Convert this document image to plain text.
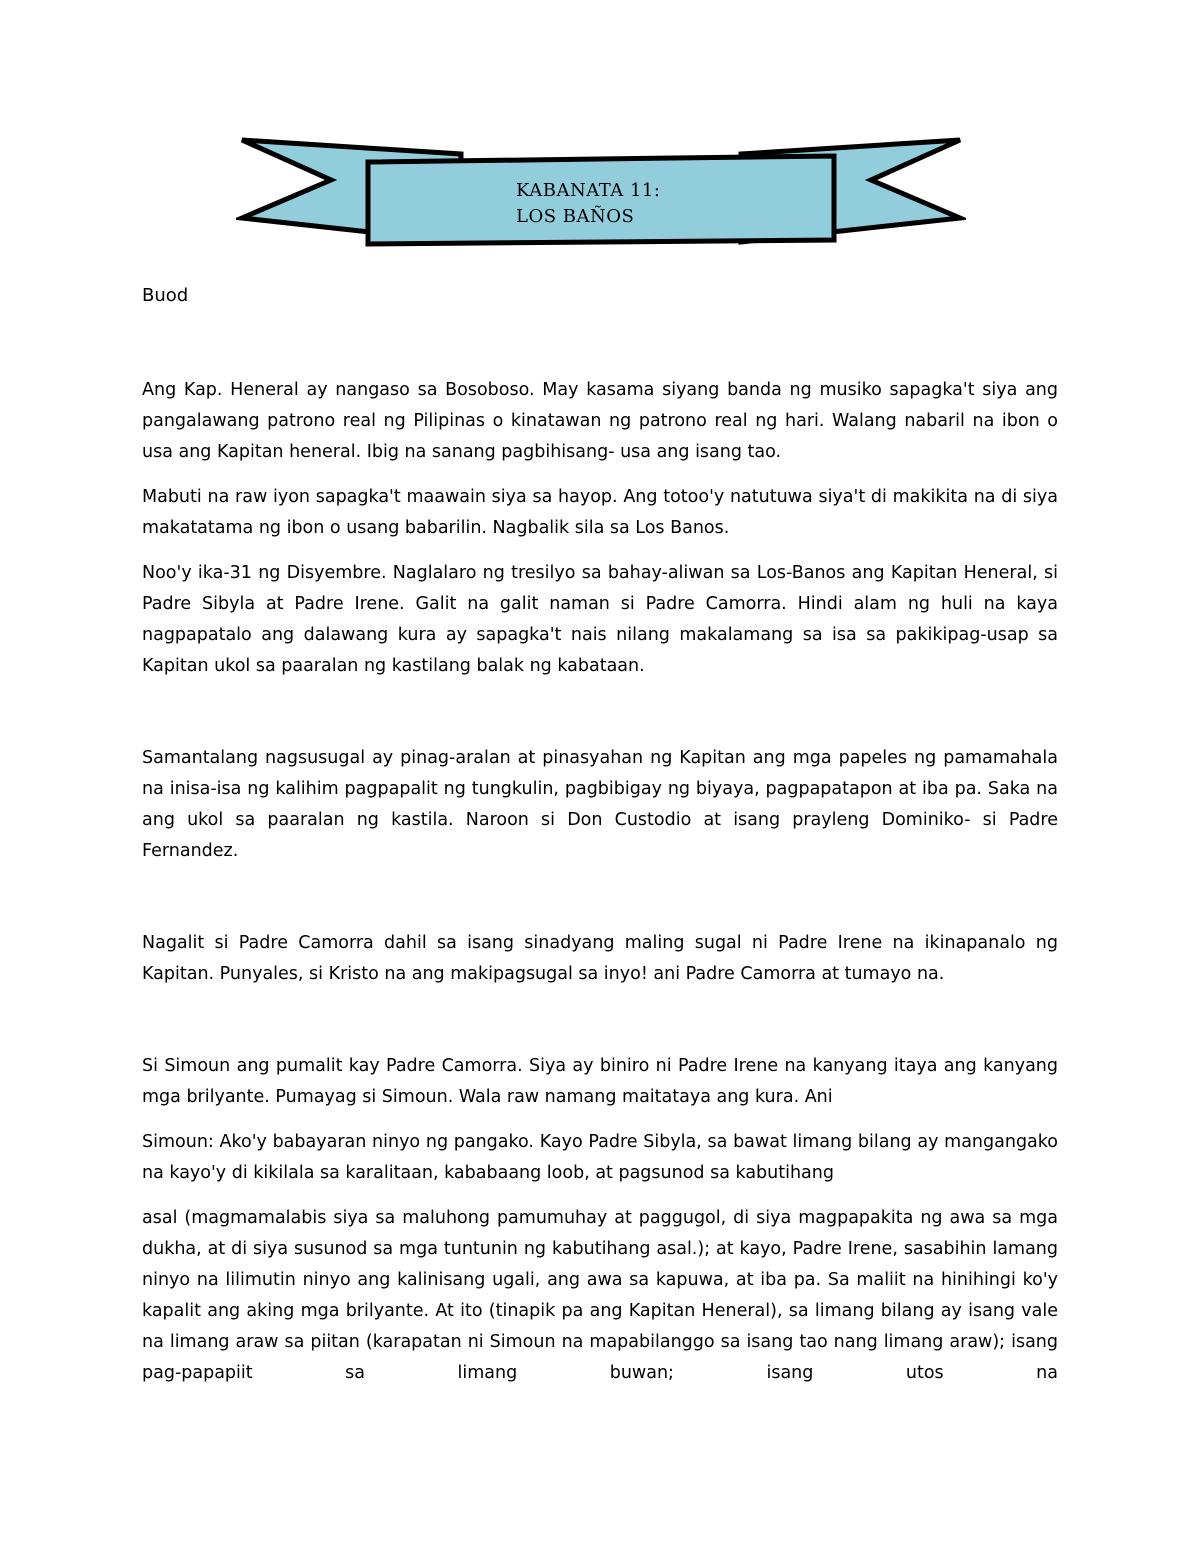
KABANATA 11:
LOS BAÑOS
Buod

Ang Kap. Heneral ay nangaso sa Bosoboso. May kasama siyang banda ng musiko sapagka't siya ang pangalawang patrono real ng Pilipinas o kinatawan ng patrono real ng hari. Walang nabaril na ibon o usa ang Kapitan heneral. Ibig na sanang pagbihisang- usa ang isang tao.

Mabuti na raw iyon sapagka't maawain siya sa hayop. Ang totoo'y natutuwa siya't di makikita na di siya makatatama ng ibon o usang babarilin. Nagbalik sila sa Los Banos.

Noo'y ika-31 ng Disyembre. Naglalaro ng tresilyo sa bahay-aliwan sa Los-Banos ang Kapitan Heneral, si Padre Sibyla at Padre Irene. Galit na galit naman si Padre Camorra. Hindi alam ng huli na kaya nagpapatalo ang dalawang kura ay sapagka't nais nilang makalamang sa isa sa pakikipag-usap sa Kapitan ukol sa paaralan ng kastilang balak ng kabataan.

Samantalang nagsusugal ay pinag-aralan at pinasyahan ng Kapitan ang mga papeles ng pamamahala na inisa-isa ng kalihim pagpapalit ng tungkulin, pagbibigay ng biyaya, pagpapatapon at iba pa. Saka na ang ukol sa paaralan ng kastila. Naroon si Don Custodio at isang prayleng Dominiko- si Padre Fernandez.

Nagalit si Padre Camorra dahil sa isang sinadyang maling sugal ni Padre Irene na ikinapanalo ng Kapitan. Punyales, si Kristo na ang makipagsugal sa inyo! ani Padre Camorra at tumayo na.

Si Simoun ang pumalit kay Padre Camorra. Siya ay biniro ni Padre Irene na kanyang itaya ang kanyang mga brilyante. Pumayag si Simoun. Wala raw namang maitataya ang kura. Ani

Simoun: Ako'y babayaran ninyo ng pangako. Kayo Padre Sibyla, sa bawat limang bilang ay mangangako na kayo'y di kikilala sa karalitaan, kababaang loob, at pagsunod sa kabutihang

asal (magmamalabis siya sa maluhong pamumuhay at paggugol, di siya magpapakita ng awa sa mga dukha, at di siya susunod sa mga tuntunin ng kabutihang asal.); at kayo, Padre Irene, sasabihin lamang ninyo na lilimutin ninyo ang kalinisang ugali, ang awa sa kapuwa, at iba pa. Sa maliit na hinihingi ko'y kapalit ang aking mga brilyante. At ito (tinapik pa ang Kapitan Heneral), sa limang bilang ay isang vale na limang araw sa piitan (karapatan ni Simoun na mapabilanggo sa isang tao nang limang araw); isang pag-papapiit sa limang buwan; isang utos na
